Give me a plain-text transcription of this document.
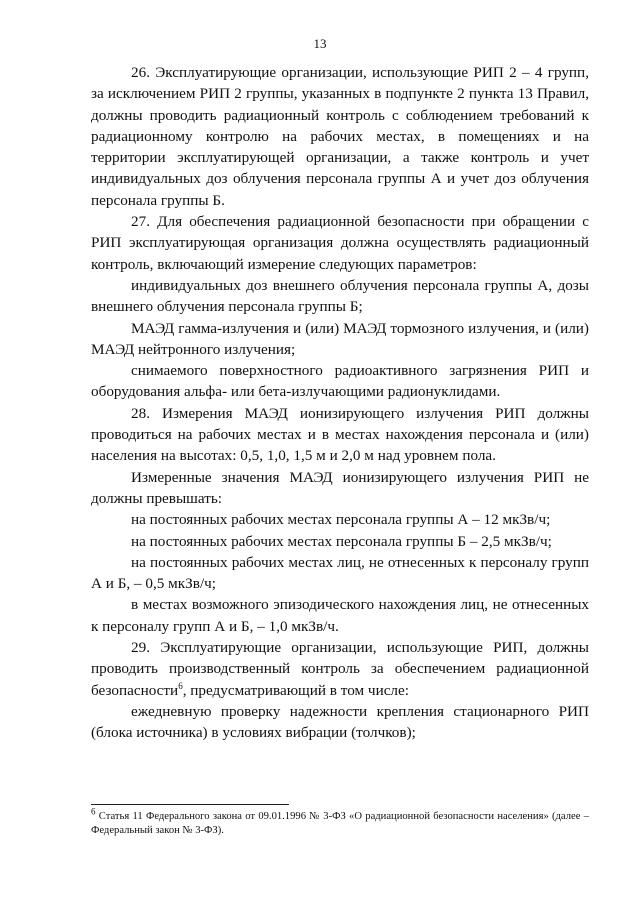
13

26. Эксплуатирующие организации, использующие РИП 2 – 4 групп, за исключением РИП 2 группы, указанных в подпункте 2 пункта 13 Правил, должны проводить радиационный контроль с соблюдением требований к радиационному контролю на рабочих местах, в помещениях и на территории эксплуатирующей организации, а также контроль и учет индивидуальных доз облучения персонала группы А и учет доз облучения персонала группы Б.

27. Для обеспечения радиационной безопасности при обращении с РИП эксплуатирующая организация должна осуществлять радиационный контроль, включающий измерение следующих параметров:

индивидуальных доз внешнего облучения персонала группы А, дозы внешнего облучения персонала группы Б;

МАЭД гамма-излучения и (или) МАЭД тормозного излучения, и (или) МАЭД нейтронного излучения;

снимаемого поверхностного радиоактивного загрязнения РИП и оборудования альфа- или бета-излучающими радионуклидами.

28. Измерения МАЭД ионизирующего излучения РИП должны проводиться на рабочих местах и в местах нахождения персонала и (или) населения на высотах: 0,5, 1,0, 1,5 м и 2,0 м над уровнем пола.

Измеренные значения МАЭД ионизирующего излучения РИП не должны превышать:

на постоянных рабочих местах персонала группы А – 12 мкЗв/ч;

на постоянных рабочих местах персонала группы Б – 2,5 мкЗв/ч;

на постоянных рабочих местах лиц, не отнесенных к персоналу групп А и Б, – 0,5 мкЗв/ч;

в местах возможного эпизодического нахождения лиц, не отнесенных к персоналу групп А и Б, – 1,0 мкЗв/ч.

29. Эксплуатирующие организации, использующие РИП, должны проводить производственный контроль за обеспечением радиационной безопасности$^6$, предусматривающий в том числе:

ежедневную проверку надежности крепления стационарного РИП (блока источника) в условиях вибрации (толчков);

$^6$ Статья 11 Федерального закона от 09.01.1996 № 3-ФЗ «О радиационной безопасности населения» (далее – Федеральный закон № 3-ФЗ).
